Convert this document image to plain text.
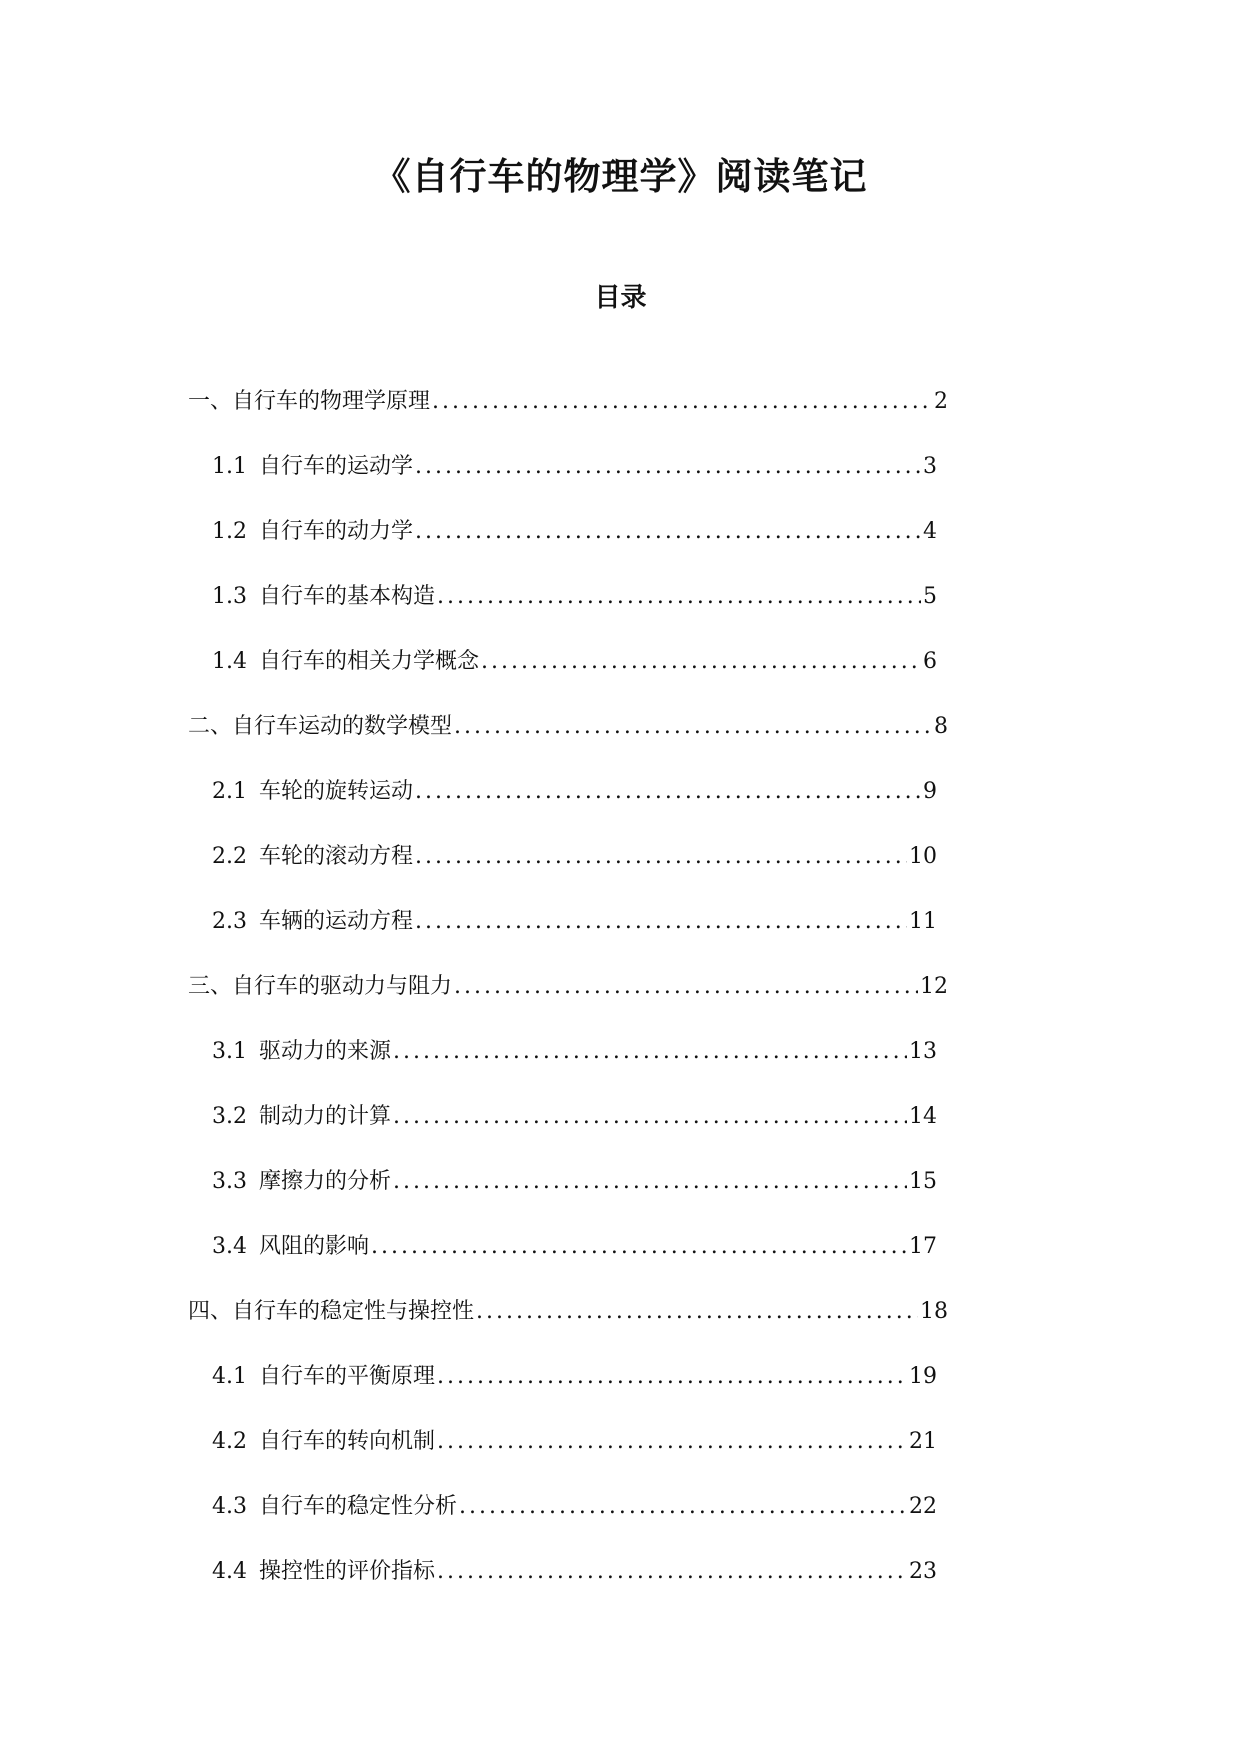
《自行车的物理学》阅读笔记
目录
一、自行车的物理学原理 .....	2
1.1 自行车的运动学 .....	3
1.2 自行车的动力学 .....	4
1.3 自行车的基本构造 .....	5
1.4 自行车的相关力学概念 .....	6
二、自行车运动的数学模型 .....	8
2.1 车轮的旋转运动 .....	9
2.2 车轮的滚动方程 .....	10
2.3 车辆的运动方程 .....	11
三、自行车的驱动力与阻力 .....	12
3.1 驱动力的来源 .....	13
3.2 制动力的计算 .....	14
3.3 摩擦力的分析 .....	15
3.4 风阻的影响 .....	17
四、自行车的稳定性与操控性 .....	18
4.1 自行车的平衡原理 .....	19
4.2 自行车的转向机制 .....	21
4.3 自行车的稳定性分析 .....	22
4.4 操控性的评价指标 .....	23
